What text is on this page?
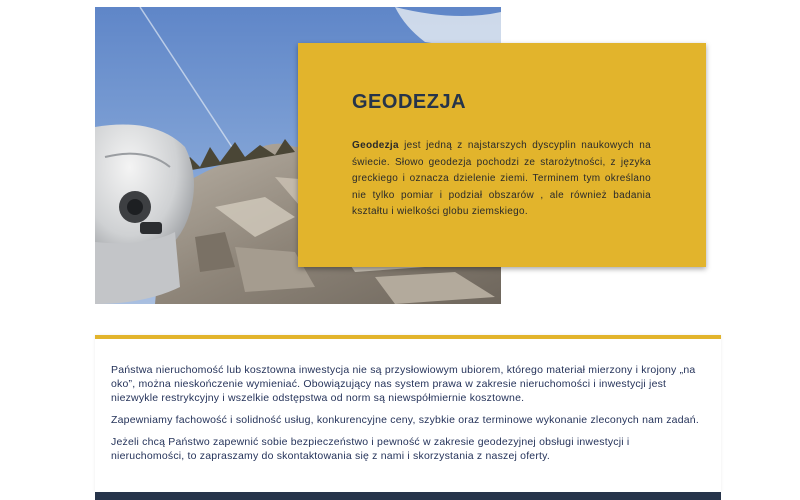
GEODEZJA

Geodezja jest jedną z najstarszych dyscyplin naukowych na świecie. Słowo geodezja pochodzi ze starożytności, z języka greckiego i oznacza dzielenie ziemi. Terminem tym określano nie tylko pomiar i podział obszarów , ale również badania kształtu i wielkości globu ziemskiego.

Państwa nieruchomość lub kosztowna inwestycja nie są przysłowiowym ubiorem, którego materiał mierzony i krojony „na oko”, można nieskończenie wymieniać. Obowiązujący nas system prawa w zakresie nieruchomości i inwestycji jest niezwykle restrykcyjny i wszelkie odstępstwa od norm są niewspółmiernie kosztowne.

Zapewniamy fachowość i solidność usług, konkurencyjne ceny, szybkie oraz terminowe wykonanie zleconych nam zadań.

Jeżeli chcą Państwo zapewnić sobie bezpieczeństwo i pewność w zakresie geodezyjnej obsługi inwestycji i nieruchomości, to zapraszamy do skontaktowania się z nami i skorzystania z naszej oferty.
